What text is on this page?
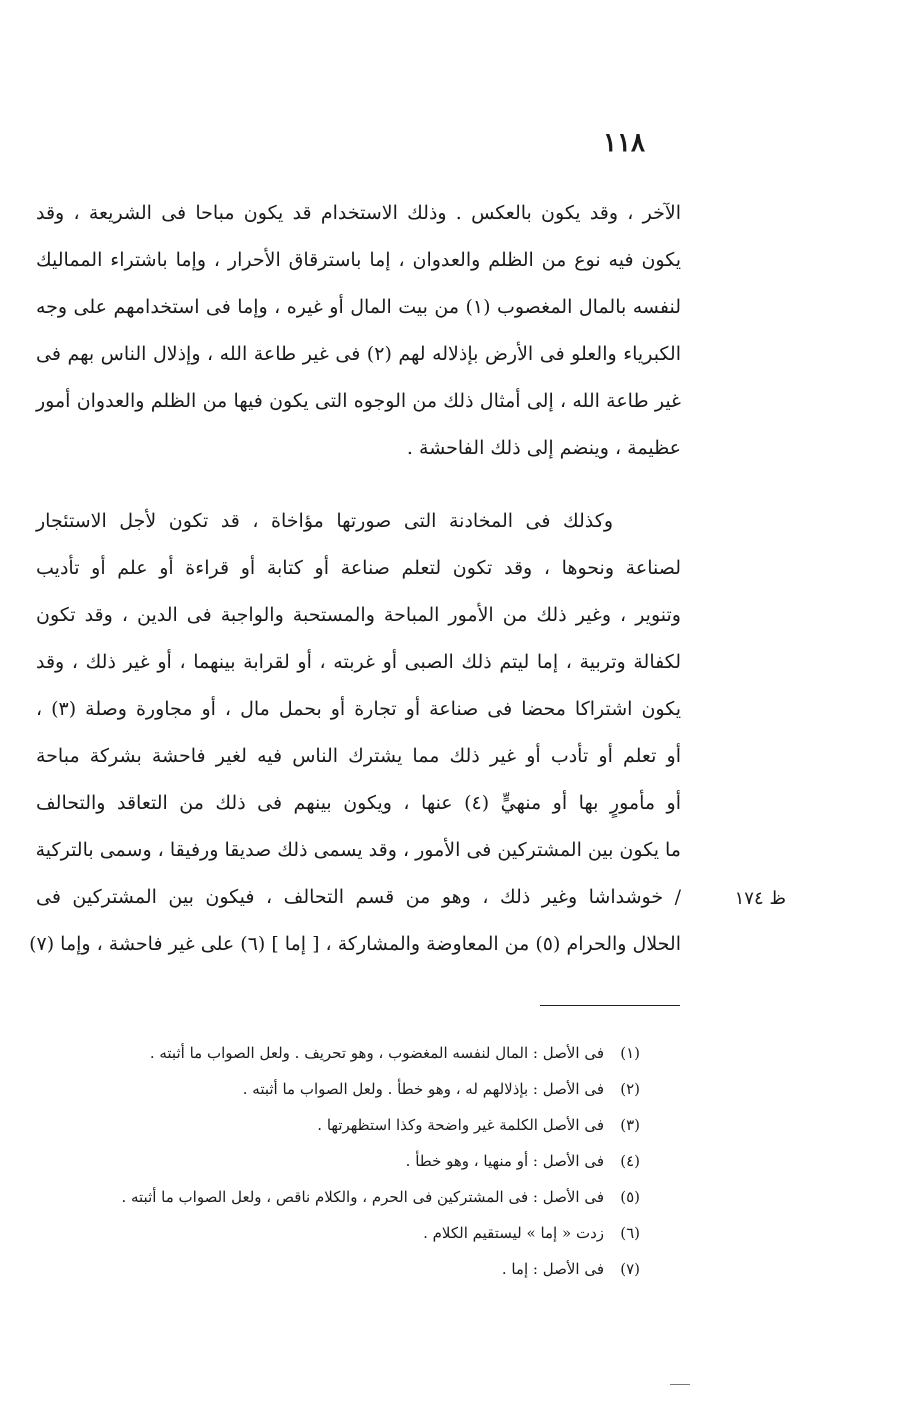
١١٨
الآخر ، وقد يكون بالعكس . وذلك الاستخدام قد يكون مباحا فى الشريعة ، وقد
يكون فيه نوع من الظلم والعدوان ، إما باسترقاق الأحرار ، وإما باشتراء المماليك
لنفسه بالمال المغصوب (١) من بيت المال أو غيره ، وإما فى استخدامهم على وجه
الكبرياء والعلو فى الأرض بإذلاله لهم (٢) فى غير طاعة الله ، وإذلال الناس بهم فى
غير طاعة الله ، إلى أمثال ذلك من الوجوه التى يكون فيها من الظلم والعدوان أمور
عظيمة ، وينضم إلى ذلك الفاحشة .
وكذلك فى المخادنة التى صورتها مؤاخاة ، قد تكون لأجل الاستئجار
لصناعة ونحوها ، وقد تكون لتعلم صناعة أو كتابة أو قراءة أو علم أو تأديب
وتنوير ، وغير ذلك من الأمور المباحة والمستحبة والواجبة فى الدين ، وقد تكون
لكفالة وتربية ، إما ليتم ذلك الصبى أو غربته ، أو لقرابة بينهما ، أو غير ذلك ، وقد
يكون اشتراكا محضا فى صناعة أو تجارة أو بحمل مال ، أو مجاورة وصلة (٣) ،
أو تعلم أو تأدب أو غير ذلك مما يشترك الناس فيه لغير فاحشة بشركة مباحة
أو مأمورٍ بها أو منهيٍّ (٤) عنها ، ويكون بينهم فى ذلك من التعاقد والتحالف
ما يكون بين المشتركين فى الأمور ، وقد يسمى ذلك صديقا ورفيقا ، وسمى بالتركية
/ خوشداشا وغير ذلك ، وهو من قسم التحالف ، فيكون بين المشتركين فى
الحلال والحرام (٥) من المعاوضة والمشاركة ، [ إما ] (٦) على غير فاحشة ، وإما (٧)
ظ ١٧٤
(١)فى الأصل : المال لنفسه المغضوب ، وهو تحريف . ولعل الصواب ما أثبته .
(٢)فى الأصل : بإذلالهم له ، وهو خطأ . ولعل الصواب ما أثبته .
(٣)فى الأصل الكلمة غير واضحة وكذا استظهرتها .
(٤)فى الأصل : أو منهيا ، وهو خطأ .
(٥)فى الأصل : فى المشتركين فى الحرم ، والكلام ناقص ، ولعل الصواب ما أثبته .
(٦)زدت « إما » ليستقيم الكلام .
(٧)فى الأصل : إما .
